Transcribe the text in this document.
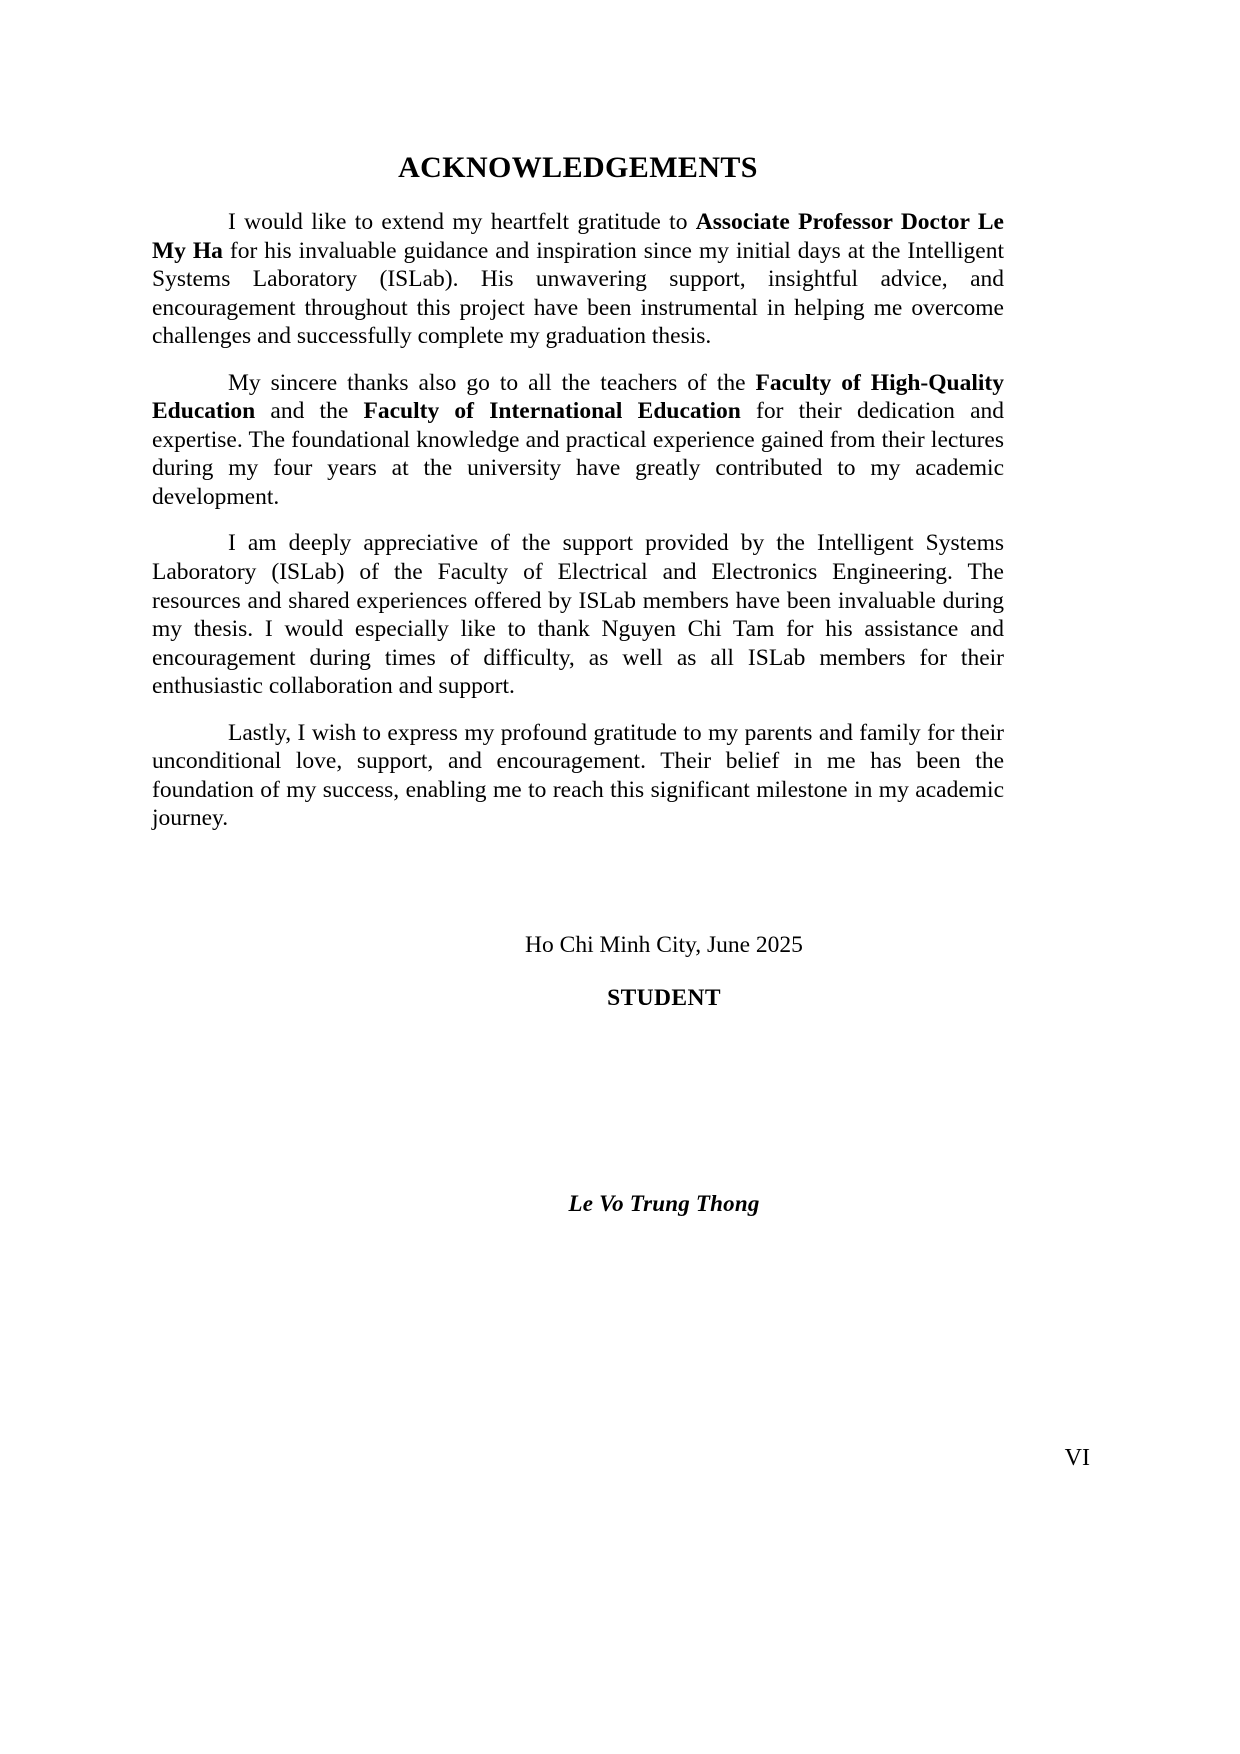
ACKNOWLEDGEMENTS

I would like to extend my heartfelt gratitude to Associate Professor Doctor Le My Ha for his invaluable guidance and inspiration since my initial days at the Intelligent Systems Laboratory (ISLab). His unwavering support, insightful advice, and encouragement throughout this project have been instrumental in helping me overcome challenges and successfully complete my graduation thesis.

My sincere thanks also go to all the teachers of the Faculty of High-Quality Education and the Faculty of International Education for their dedication and expertise. The foundational knowledge and practical experience gained from their lectures during my four years at the university have greatly contributed to my academic development.

I am deeply appreciative of the support provided by the Intelligent Systems Laboratory (ISLab) of the Faculty of Electrical and Electronics Engineering. The resources and shared experiences offered by ISLab members have been invaluable during my thesis. I would especially like to thank Nguyen Chi Tam for his assistance and encouragement during times of difficulty, as well as all ISLab members for their enthusiastic collaboration and support.

Lastly, I wish to express my profound gratitude to my parents and family for their unconditional love, support, and encouragement. Their belief in me has been the foundation of my success, enabling me to reach this significant milestone in my academic journey.

Ho Chi Minh City, June 2025
STUDENT
Le Vo Trung Thong
VI
